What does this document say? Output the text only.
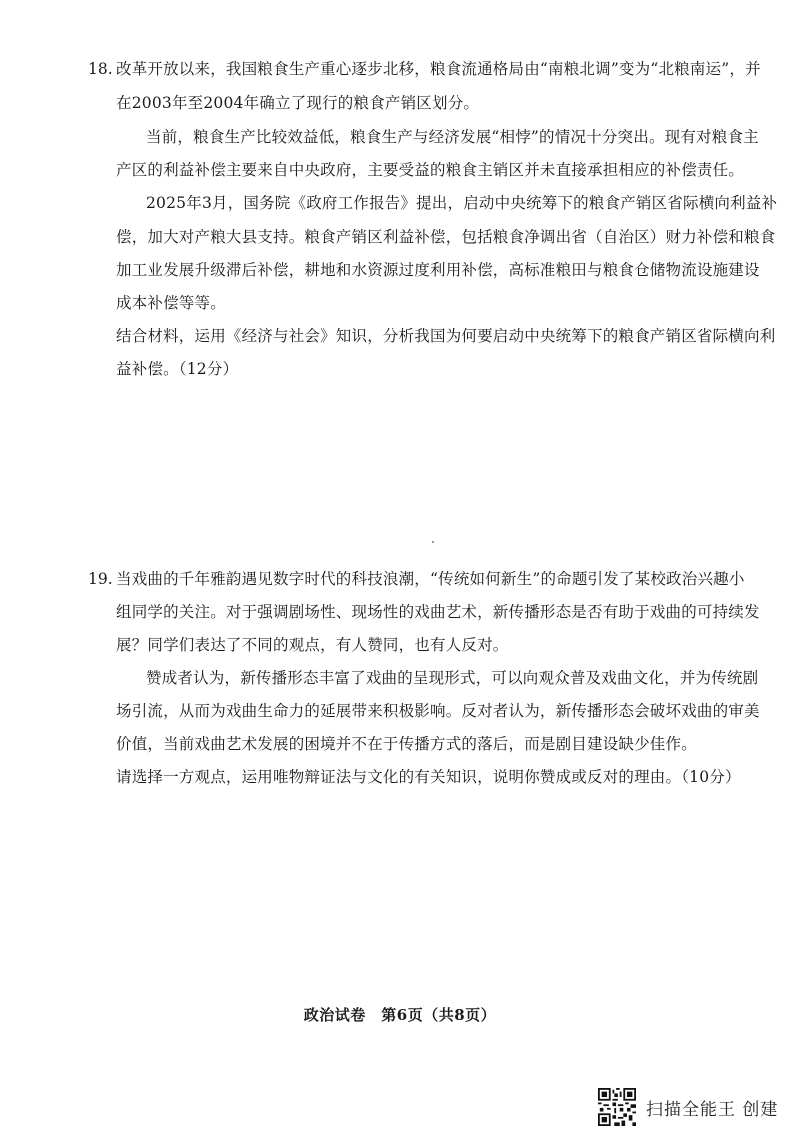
18. 改革开放以来，我国粮食生产重心逐步北移，粮食流通格局由“南粮北调”变为“北粮南运”，并
在2003年至2004年确立了现行的粮食产销区划分。
当前，粮食生产比较效益低，粮食生产与经济发展“相悖”的情况十分突出。现有对粮食主
产区的利益补偿主要来自中央政府，主要受益的粮食主销区并未直接承担相应的补偿责任。
2025年3月，国务院《政府工作报告》提出，启动中央统筹下的粮食产销区省际横向利益补
偿，加大对产粮大县支持。粮食产销区利益补偿，包括粮食净调出省（自治区）财力补偿和粮食
加工业发展升级滞后补偿，耕地和水资源过度利用补偿，高标准粮田与粮食仓储物流设施建设
成本补偿等等。
结合材料，运用《经济与社会》知识，分析我国为何要启动中央统筹下的粮食产销区省际横向利
益补偿。（12分）
19. 当戏曲的千年雅韵遇见数字时代的科技浪潮，“传统如何新生”的命题引发了某校政治兴趣小
组同学的关注。对于强调剧场性、现场性的戏曲艺术，新传播形态是否有助于戏曲的可持续发
展？同学们表达了不同的观点，有人赞同，也有人反对。
赞成者认为，新传播形态丰富了戏曲的呈现形式，可以向观众普及戏曲文化，并为传统剧
场引流，从而为戏曲生命力的延展带来积极影响。反对者认为，新传播形态会破坏戏曲的审美
价值，当前戏曲艺术发展的困境并不在于传播方式的落后，而是剧目建设缺少佳作。
请选择一方观点，运用唯物辩证法与文化的有关知识，说明你赞成或反对的理由。（10分）
政治试卷　第6页（共8页）
扫描全能王 创建
